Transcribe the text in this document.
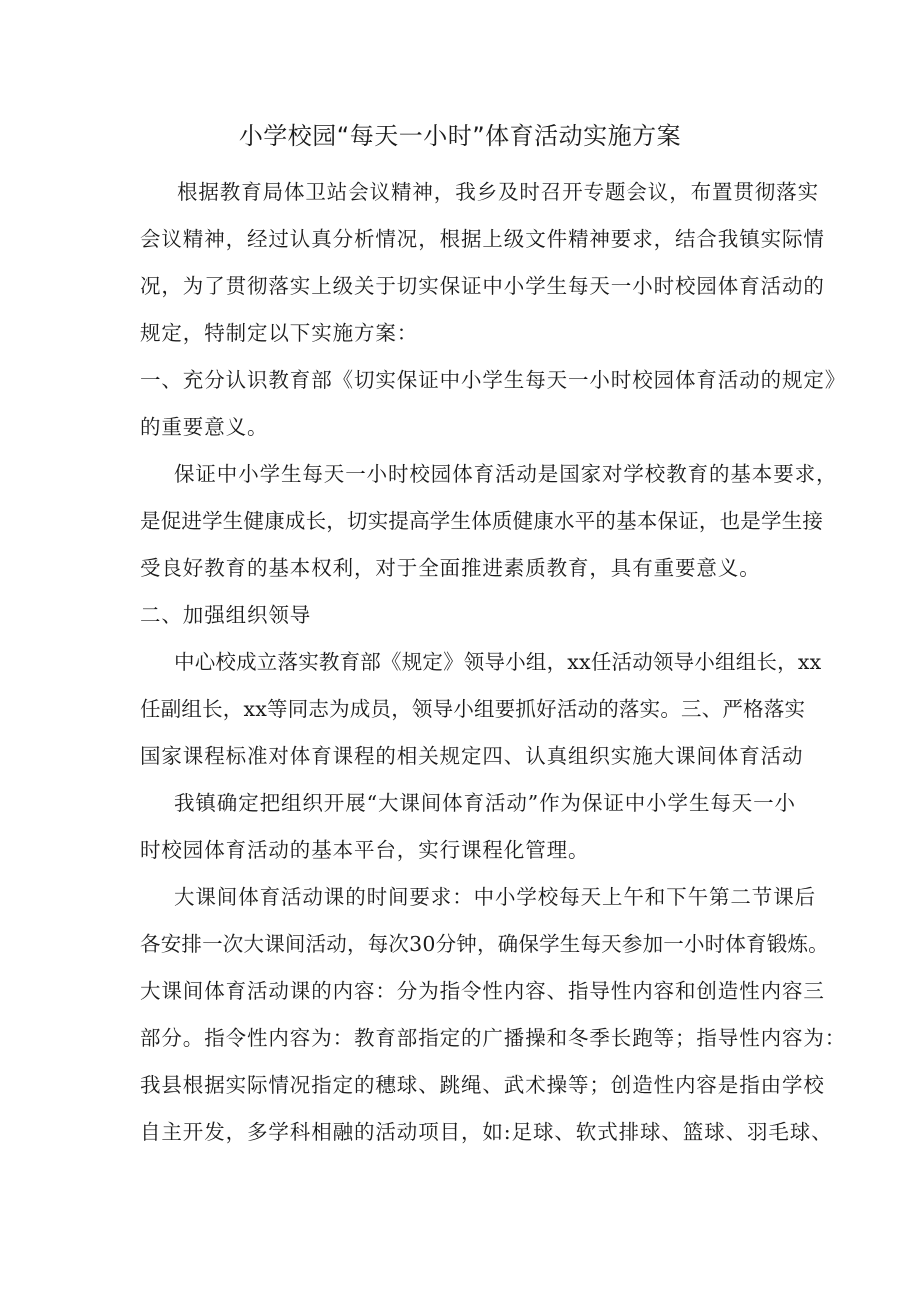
小学校园“每天一小时”体育活动实施方案
根据教育局体卫站会议精神，我乡及时召开专题会议，布置贯彻落实
会议精神，经过认真分析情况，根据上级文件精神要求，结合我镇实际情
况，为了贯彻落实上级关于切实保证中小学生每天一小时校园体育活动的
规定，特制定以下实施方案：
一、充分认识教育部《切实保证中小学生每天一小时校园体育活动的规定》
的重要意义。
保证中小学生每天一小时校园体育活动是国家对学校教育的基本要求，
是促进学生健康成长，切实提高学生体质健康水平的基本保证，也是学生接
受良好教育的基本权利，对于全面推进素质教育，具有重要意义。
二、加强组织领导
中心校成立落实教育部《规定》领导小组，xx任活动领导小组组长，xx
任副组长，xx等同志为成员，领导小组要抓好活动的落实。三、严格落实
国家课程标准对体育课程的相关规定四、认真组织实施大课间体育活动
我镇确定把组织开展“大课间体育活动”作为保证中小学生每天一小
时校园体育活动的基本平台，实行课程化管理。
大课间体育活动课的时间要求：中小学校每天上午和下午第二节课后
各安排一次大课间活动，每次30分钟，确保学生每天参加一小时体育锻炼。
大课间体育活动课的内容：分为指令性内容、指导性内容和创造性内容三
部分。指令性内容为：教育部指定的广播操和冬季长跑等；指导性内容为：
我县根据实际情况指定的穗球、跳绳、武术操等；创造性内容是指由学校
自主开发，多学科相融的活动项目，如:足球、软式排球、篮球、羽毛球、
